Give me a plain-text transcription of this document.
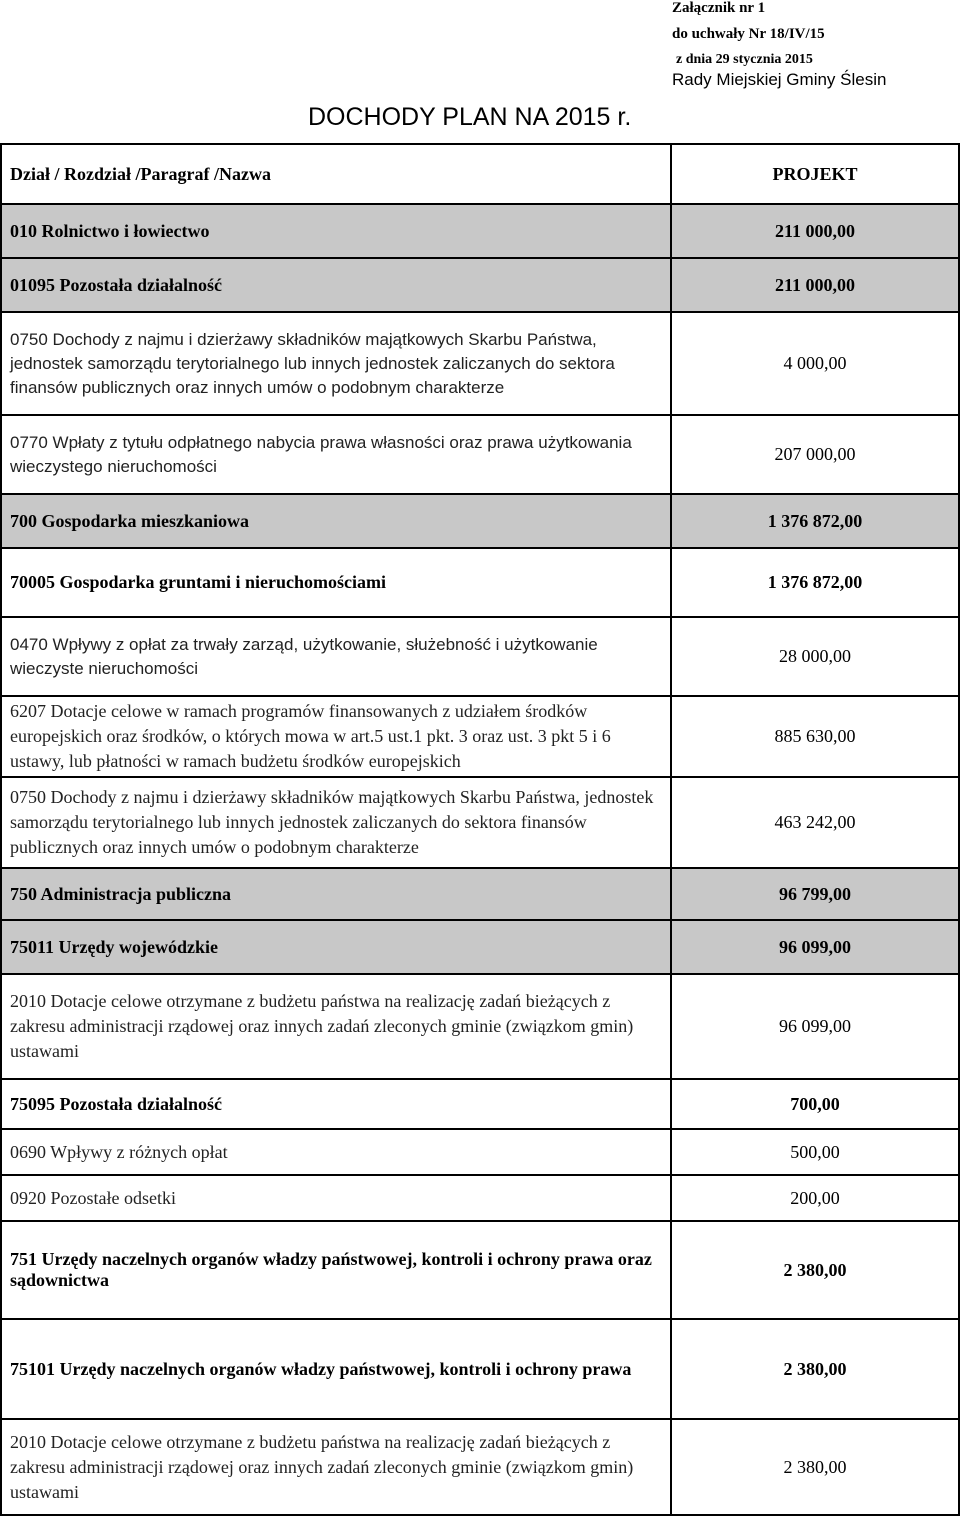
Załącznik nr 1
do uchwały Nr 18/IV/15
z dnia 29 stycznia 2015
Rady Miejskiej Gminy Ślesin
DOCHODY PLAN NA 2015 r.
Dział / Rozdział /Paragraf /Nazwa	PROJEKT
010 Rolnictwo i łowiectwo	211 000,00
01095 Pozostała działalność	211 000,00
0750 Dochody z najmu i dzierżawy składników majątkowych Skarbu Państwa, jednostek samorządu terytorialnego lub innych jednostek zaliczanych do sektora finansów publicznych oraz innych umów o podobnym charakterze	4 000,00
0770 Wpłaty z tytułu odpłatnego nabycia prawa własności oraz prawa użytkowania wieczystego nieruchomości	207 000,00
700 Gospodarka mieszkaniowa	1 376 872,00
70005 Gospodarka gruntami i nieruchomościami	1 376 872,00
0470 Wpływy z opłat za trwały zarząd, użytkowanie, służebność i użytkowanie wieczyste nieruchomości	28 000,00
6207 Dotacje celowe w ramach programów finansowanych z udziałem środków europejskich oraz środków, o których mowa w art.5 ust.1 pkt. 3 oraz ust. 3 pkt 5 i 6 ustawy, lub płatności w ramach budżetu środków europejskich	885 630,00
0750 Dochody z najmu i dzierżawy składników majątkowych Skarbu Państwa, jednostek samorządu terytorialnego lub innych jednostek zaliczanych do sektora finansów publicznych oraz innych umów o podobnym charakterze	463 242,00
750 Administracja publiczna	96 799,00
75011 Urzędy wojewódzkie	96 099,00
2010 Dotacje celowe otrzymane z budżetu państwa na realizację zadań bieżących z zakresu administracji rządowej oraz innych zadań zleconych gminie (związkom gmin) ustawami	96 099,00
75095 Pozostała działalność	700,00
0690 Wpływy z różnych opłat	500,00
0920 Pozostałe odsetki	200,00
751 Urzędy naczelnych organów władzy państwowej, kontroli i ochrony prawa oraz sądownictwa	2 380,00
75101 Urzędy naczelnych organów władzy państwowej, kontroli i ochrony prawa	2 380,00
2010 Dotacje celowe otrzymane z budżetu państwa na realizację zadań bieżących z zakresu administracji rządowej oraz innych zadań zleconych gminie (związkom gmin) ustawami	2 380,00
